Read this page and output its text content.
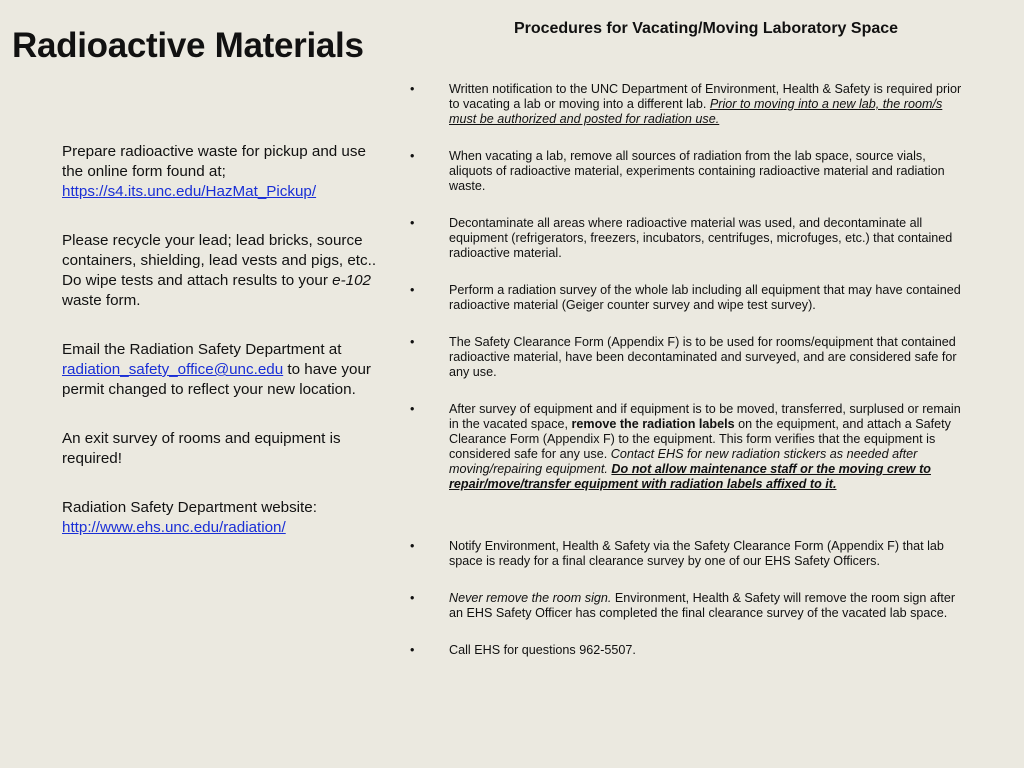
Radioactive Materials

Prepare radioactive waste for pickup and use the online form found at;
https://s4.its.unc.edu/HazMat_Pickup/

Please recycle your lead; lead bricks, source containers, shielding, lead vests and pigs, etc.. Do wipe tests and attach results to your e-102 waste form.

Email the Radiation Safety Department at radiation_safety_office@unc.edu to have your permit changed to reflect your new location.

An exit survey of rooms and equipment is required!

Radiation Safety Department website:
http://www.ehs.unc.edu/radiation/

Procedures for Vacating/Moving Laboratory Space
•	Written notification to the UNC Department of Environment, Health & Safety is required prior to vacating a lab or moving into a different lab. Prior to moving into a new lab, the room/s must be authorized and posted for radiation use.
•	When vacating a lab, remove all sources of radiation from the lab space, source vials, aliquots of radioactive material, experiments containing radioactive material and radiation waste.
•	Decontaminate all areas where radioactive material was used, and decontaminate all equipment (refrigerators, freezers, incubators, centrifuges, microfuges, etc.) that contained radioactive material.
•	Perform a radiation survey of the whole lab including all equipment that may have contained radioactive material (Geiger counter survey and wipe test survey).
•	The Safety Clearance Form (Appendix F) is to be used for rooms/equipment that contained radioactive material, have been decontaminated and surveyed, and are considered safe for any use.
•	After survey of equipment and if equipment is to be moved, transferred, surplused or remain in the vacated space, remove the radiation labels on the equipment, and attach a Safety Clearance Form (Appendix F) to the equipment. This form verifies that the equipment is considered safe for any use. Contact EHS for new radiation stickers as needed after moving/repairing equipment. Do not allow maintenance staff or the moving crew to repair/move/transfer equipment with radiation labels affixed to it.
•	Notify Environment, Health & Safety via the Safety Clearance Form (Appendix F) that lab space is ready for a final clearance survey by one of our EHS Safety Officers.
•	Never remove the room sign. Environment, Health & Safety will remove the room sign after an EHS Safety Officer has completed the final clearance survey of the vacated lab space.
•	Call EHS for questions 962-5507.
